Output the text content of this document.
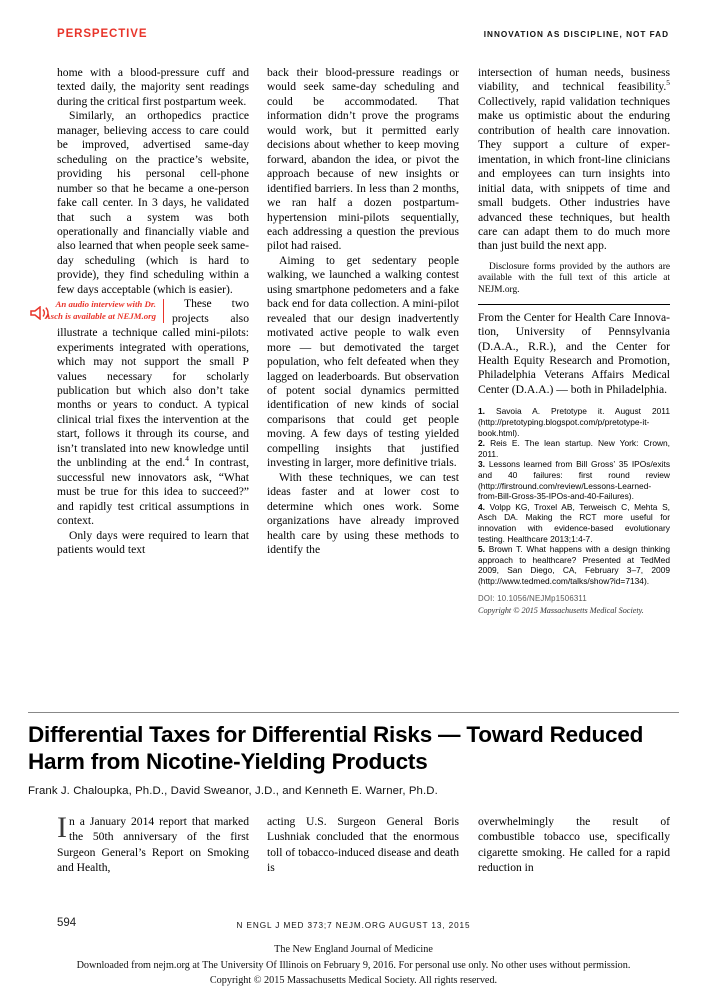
PERSPECTIVE	INNOVATION AS DISCIPLINE, NOT FAD

home with a blood-pressure cuff and texted daily, the majority sent readings during the critical first postpartum week.

Similarly, an orthopedics practice manager, believing access to care could be improved, advertised same-day scheduling on the practice’s website, providing his personal cell-phone number so that he became a one-person fake call center. In 3 days, he validated that such a system was both operationally and financially viable and also learned that when people seek same-day scheduling (which is hard to provide), they find scheduling within a few days acceptable (which is easier).

An audio interview with Dr. Asch is available at NEJM.org
These two projects also illustrate a technique called mini-pilots: experiments integrated with operations, which may not support the small P values necessary for scholarly publication but which also don’t take months or years to conduct. A typical clinical trial fixes the intervention at the start, follows it through its course, and isn’t translated into new knowledge until the unblinding at the end.$^4$ In contrast, successful new innovators ask, “What must be true for this idea to succeed?” and rapidly test critical assumptions in context.

Only days were required to learn that patients would text

back their blood-pressure readings or would seek same-day scheduling and could be accommodated. That information didn’t prove the programs would work, but it permitted early decisions about whether to keep moving forward, abandon the idea, or pivot the approach because of new insights or identified barriers. In less than 2 months, we ran half a dozen postpartum-hypertension mini-pilots sequentially, each addressing a question the previous pilot had raised.

Aiming to get sedentary people walking, we launched a walking contest using smartphone pedometers and a fake back end for data collection. A mini-pilot revealed that our design inadvertently motivated active people to walk even more — but demotivated the target population, who felt defeated when they lagged on leaderboards. But observation of potent social dynamics permitted identification of new kinds of social comparisons that could get people moving. A few days of testing yielded compelling insights that justified investing in larger, more definitive trials.

With these techniques, we can test ideas faster and at lower cost to determine which ones work. Some organizations have already improved health care by using these methods to identify the

intersection of human needs, business viability, and technical feasibility.$^5$ Collectively, rapid validation techniques make us optimistic about the enduring contribution of health care innovation. They support a culture of experimentation, in which front-line clinicians and employees can turn insights into initial data, with snippets of time and small budgets. Other industries have advanced these techniques, but health care can adapt them to do much more than just build the next app.

Disclosure forms provided by the authors are available with the full text of this article at NEJM.org.

From the Center for Health Care Innovation, University of Pennsylvania (D.A.A., R.R.), and the Center for Health Equity Research and Promotion, Philadelphia Veterans Affairs Medical Center (D.A.A.) — both in Philadelphia.

1. Savoia A. Pretotype it. August 2011 (http://pretotyping.blogspot.com/p/pretotype-it-book.html).
2. Reis E. The lean startup. New York: Crown, 2011.
3. Lessons learned from Bill Gross’ 35 IPOs/exits and 40 failures: first round review (http://firstround.com/review/Lessons-Learned-from-Bill-Gross-35-IPOs-and-40-Failures).
4. Volpp KG, Troxel AB, Terweisch C, Mehta S, Asch DA. Making the RCT more useful for innovation with evidence-based evolutionary testing. Healthcare 2013;1:4-7.
5. Brown T. What happens with a design thinking approach to healthcare? Presented at TedMed 2009, San Diego, CA, February 3–7, 2009 (http://www.tedmed.com/talks/show?id=7134).
DOI: 10.1056/NEJMp1506311
Copyright © 2015 Massachusetts Medical Society.
Differential Taxes for Differential Risks — Toward Reduced Harm from Nicotine-Yielding Products
Frank J. Chaloupka, Ph.D., David Sweanor, J.D., and Kenneth E. Warner, Ph.D.

In a January 2014 report that marked the 50th anniversary of the first Surgeon General’s Report on Smoking and Health,

acting U.S. Surgeon General Boris Lushniak concluded that the enormous toll of tobacco-induced disease and death is

overwhelmingly the result of combustible tobacco use, specifically cigarette smoking. He called for a rapid reduction in

594	N ENGL J MED 373;7 NEJM.ORG AUGUST 13, 2015
The New England Journal of Medicine
Downloaded from nejm.org at The University Of Illinois on February 9, 2016. For personal use only. No other uses without permission.
Copyright © 2015 Massachusetts Medical Society. All rights reserved.
